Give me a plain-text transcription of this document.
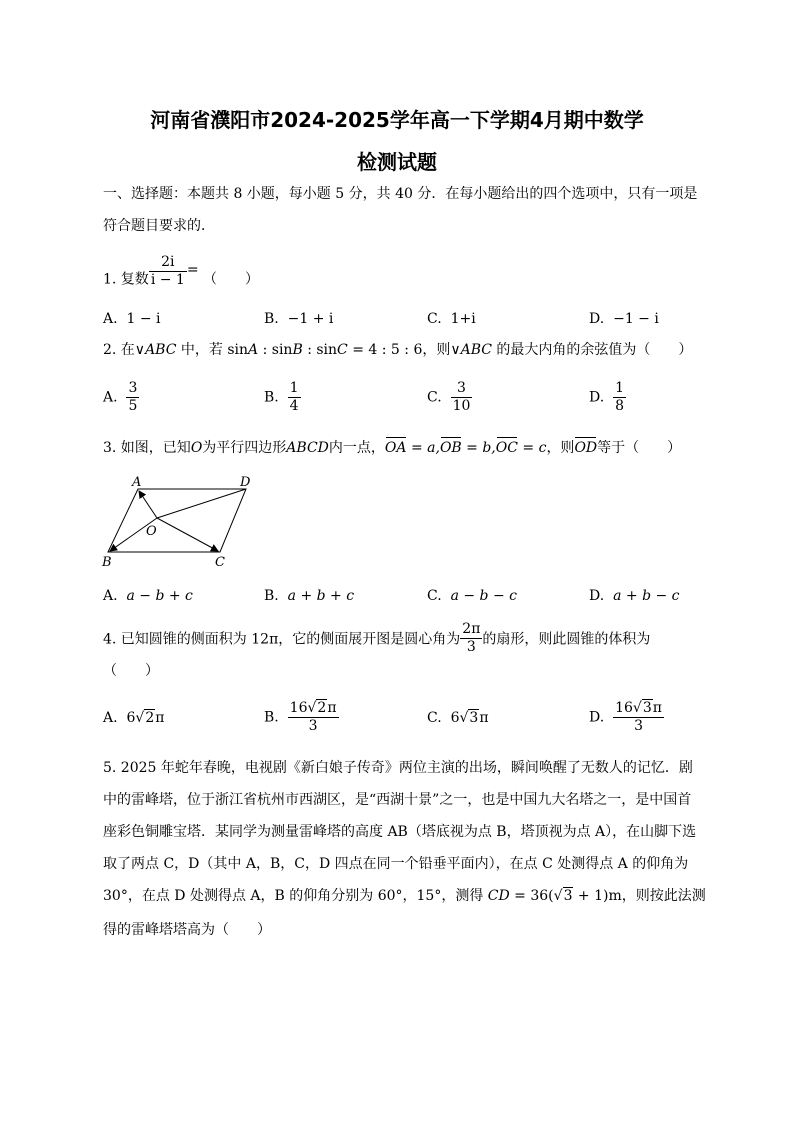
河南省濮阳市2024-2025学年高一下学期4月期中数学
检测试题
一、选择题：本题共 8 小题，每小题 5 分，共 40 分．在每小题给出的四个选项中，只有一项是
符合题目要求的．
1. 复数 $\frac{2i}{i - 1}$ = （　　）
A. 1 − i	B. −1 + i	C. 1+i	D. −1 − i
2. 在∨ABC 中，若 sinA : sinB : sinC = 4 : 5 : 6，则∨ABC 的最大内角的余弦值为（　　）
A. $\frac{3}{5}$	B. $\frac{1}{4}$	C. $\frac{3}{10}$	D. $\frac{1}{8}$
3. 如图，已知O为平行四边形ABCD内一点，OA = a,OB = b,OC = c，则OD等于（　　）
A	D
O
B	C
A. a − b + c	B. a + b + c	C. a − b − c	D. a + b − c
4. 已知圆锥的侧面积为 12π，它的侧面展开图是圆心角为 $\frac{2\pi}{3}$ 的扇形，则此圆锥的体积为
（　　）
A. 6√2π	B. $\frac{16√2\pi}{3}$	C. 6√3π	D. $\frac{16√3\pi}{3}$
5. 2025 年蛇年春晚，电视剧《新白娘子传奇》两位主演的出场，瞬间唤醒了无数人的记忆．剧
中的雷峰塔，位于浙江省杭州市西湖区，是“西湖十景”之一，也是中国九大名塔之一，是中国首
座彩色铜雕宝塔．某同学为测量雷峰塔的高度 AB（塔底视为点 B，塔顶视为点 A），在山脚下选
取了两点 C，D（其中 A，B，C，D 四点在同一个铅垂平面内），在点 C 处测得点 A 的仰角为
30°，在点 D 处测得点 A，B 的仰角分别为 60°，15°，测得 CD = 36(√3 + 1)m，则按此法测
得的雷峰塔塔高为（　　）
